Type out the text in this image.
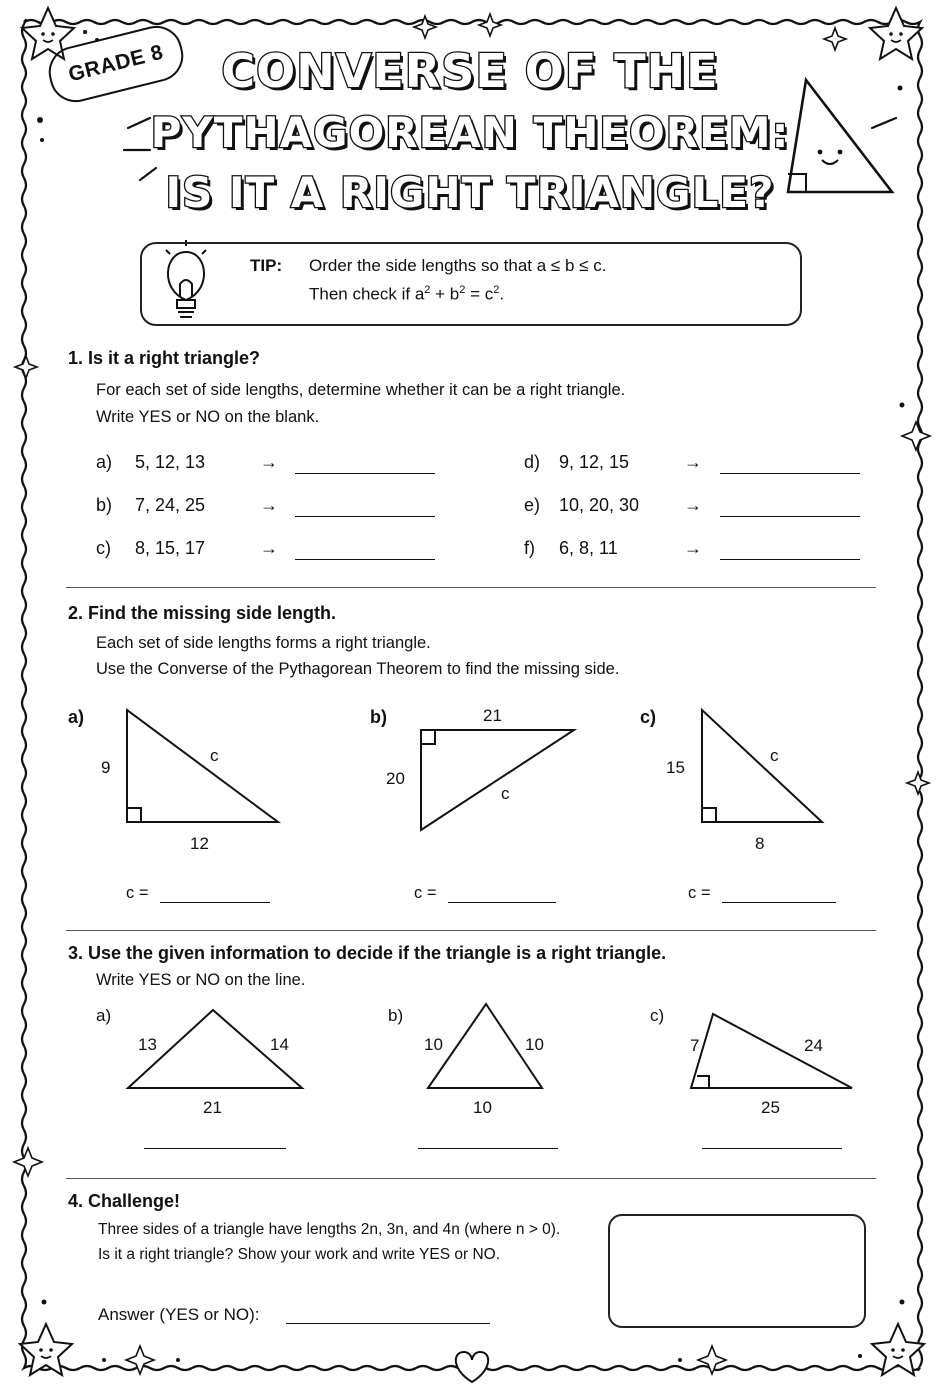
GRADE 8	CONVERSE OF THE
PYTHAGOREAN THEOREM:
IS IT A RIGHT TRIANGLE?
TIP: Order the side lengths so that a ≤ b ≤ c.
Then check if $a^2 + b^2 = c^2$.
1. Is it a right triangle?
For each set of side lengths, determine whether it can be a right triangle.
Write YES or NO on the blank.
a) 5, 12, 13	→
b) 7, 24, 25	→
c) 8, 15, 17	→
d) 9, 12, 15	→
e) 10, 20, 30 →
f) 6, 8, 11	→
2. Find the missing side length.
Each set of side lengths forms a right triangle.
Use the Converse of the Pythagorean Theorem to find the missing side.
a)
9
12
c
b)	21
20
c
c)
15
8
c
c =	c =	c =
3. Use the given information to decide if the triangle is a right triangle.
Write YES or NO on the line.
a)
13	14
21
b)
10	10
10
c)
7	24
25
4. Challenge!
Three sides of a triangle have lengths 2n, 3n, and 4n (where n > 0).
Is it a right triangle? Show your work and write YES or NO.
Answer (YES or NO):
